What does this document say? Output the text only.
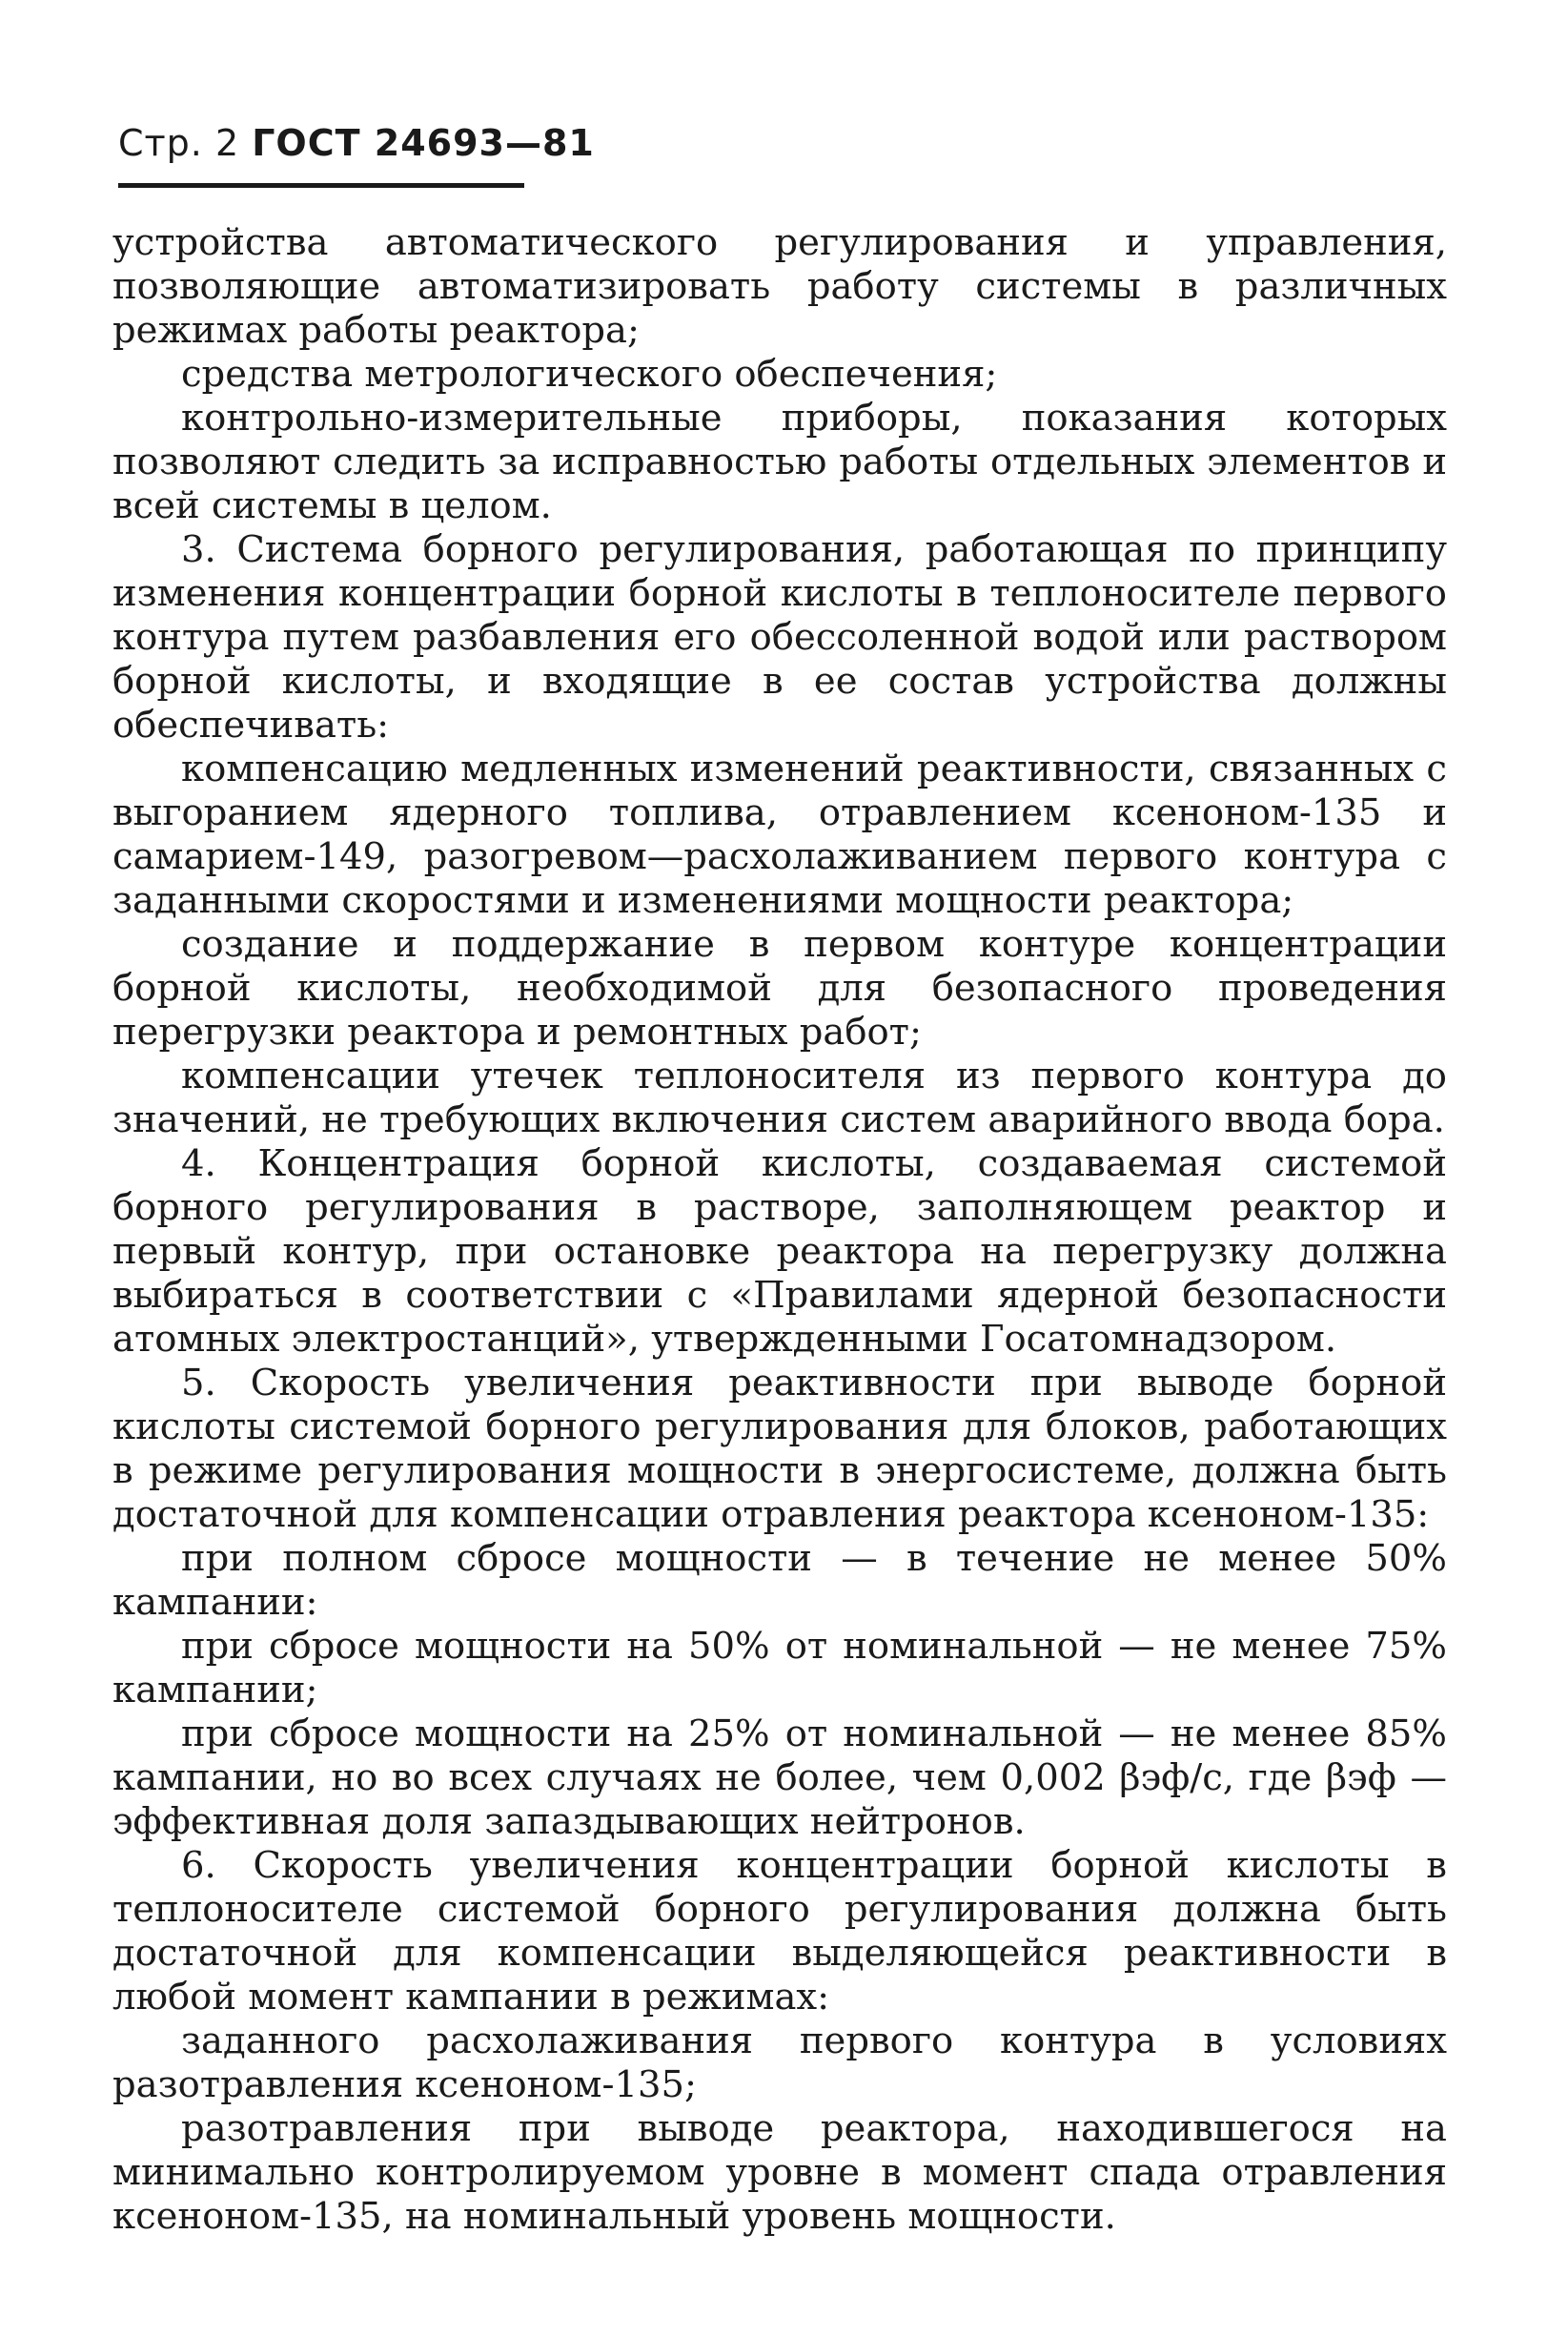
Стр. 2 ГОСТ 24693—81

устройства автоматического регулирования и управления, позволяющие автоматизировать работу системы в различных режимах работы реактора;

средства метрологического обеспечения;

контрольно-измерительные приборы, показания которых позволяют следить за исправностью работы отдельных элементов и всей системы в целом.

3. Система борного регулирования, работающая по принципу изменения концентрации борной кислоты в теплоносителе первого контура путем разбавления его обессоленной водой или раствором борной кислоты, и входящие в ее состав устройства должны обеспечивать:

компенсацию медленных изменений реактивности, связанных с выгоранием ядерного топлива, отравлением ксеноном-135 и самарием-149, разогревом—расхолаживанием первого контура с заданными скоростями и изменениями мощности реактора;

создание и поддержание в первом контуре концентрации борной кислоты, необходимой для безопасного проведения перегрузки реактора и ремонтных работ;

компенсации утечек теплоносителя из первого контура до значений, не требующих включения систем аварийного ввода бора.

4. Концентрация борной кислоты, создаваемая системой борного регулирования в растворе, заполняющем реактор и первый контур, при остановке реактора на перегрузку должна выбираться в соответствии с «Правилами ядерной безопасности атомных электростанций», утвержденными Госатомнадзором.

5. Скорость увеличения реактивности при выводе борной кислоты системой борного регулирования для блоков, работающих в режиме регулирования мощности в энергосистеме, должна быть достаточной для компенсации отравления реактора ксеноном-135:

при полном сбросе мощности — в течение не менее 50% кампании:

при сбросе мощности на 50% от номинальной — не менее 75% кампании;

при сбросе мощности на 25% от номинальной — не менее 85% кампании, но во всех случаях не более, чем 0,002 βэф/с, где βэф — эффективная доля запаздывающих нейтронов.

6. Скорость увеличения концентрации борной кислоты в теплоносителе системой борного регулирования должна быть достаточной для компенсации выделяющейся реактивности в любой момент кампании в режимах:

заданного расхолаживания первого контура в условиях разотравления ксеноном-135;

разотравления при выводе реактора, находившегося на минимально контролируемом уровне в момент спада отравления ксеноном-135, на номинальный уровень мощности.
